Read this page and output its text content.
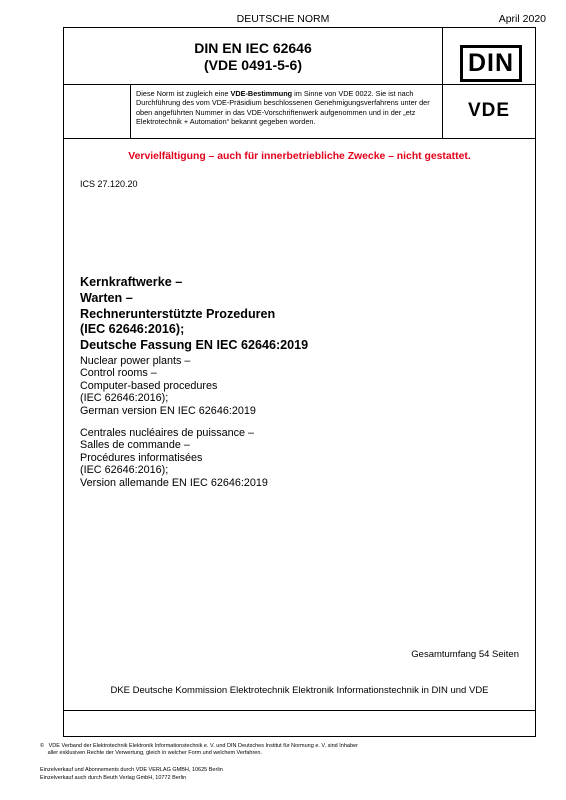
DEUTSCHE NORM	April 2020
DIN EN IEC 62646
(VDE 0491-5-6)	DIN
Diese Norm ist zugleich eine VDE-Bestimmung im Sinne von VDE 0022. Sie ist nach Durchführung des vom VDE-Präsidium beschlossenen Genehmigungsverfahrens unter der oben angeführten Nummer in das VDE-Vorschriftenwerk aufgenommen und in der „etz Elektrotechnik + Automation“ bekannt gegeben worden.
VDE
Vervielfältigung – auch für innerbetriebliche Zwecke – nicht gestattet.
ICS 27.120.20
Kernkraftwerke –
Warten –
Rechnerunterstützte Prozeduren
(IEC 62646:2016);
Deutsche Fassung EN IEC 62646:2019
Nuclear power plants –
Control rooms –
Computer-based procedures
(IEC 62646:2016);
German version EN IEC 62646:2019
Centrales nucléaires de puissance –
Salles de commande –
Procédures informatisées
(IEC 62646:2016);
Version allemande EN IEC 62646:2019
Gesamtumfang 54 Seiten
DKE Deutsche Kommission Elektrotechnik Elektronik Informationstechnik in DIN und VDE
©   VDE Verband der Elektrotechnik Elektronik Informationstechnik e. V. und DIN Deutsches Institut für Normung e. V. sind Inhaber
aller exklusiven Rechte der Verwertung, gleich in welcher Form und welchem Verfahren.
Einzelverkauf und Abonnements durch VDE VERLAG GMBH, 10625 Berlin
Einzelverkauf auch durch Beuth Verlag GmbH, 10772 Berlin
